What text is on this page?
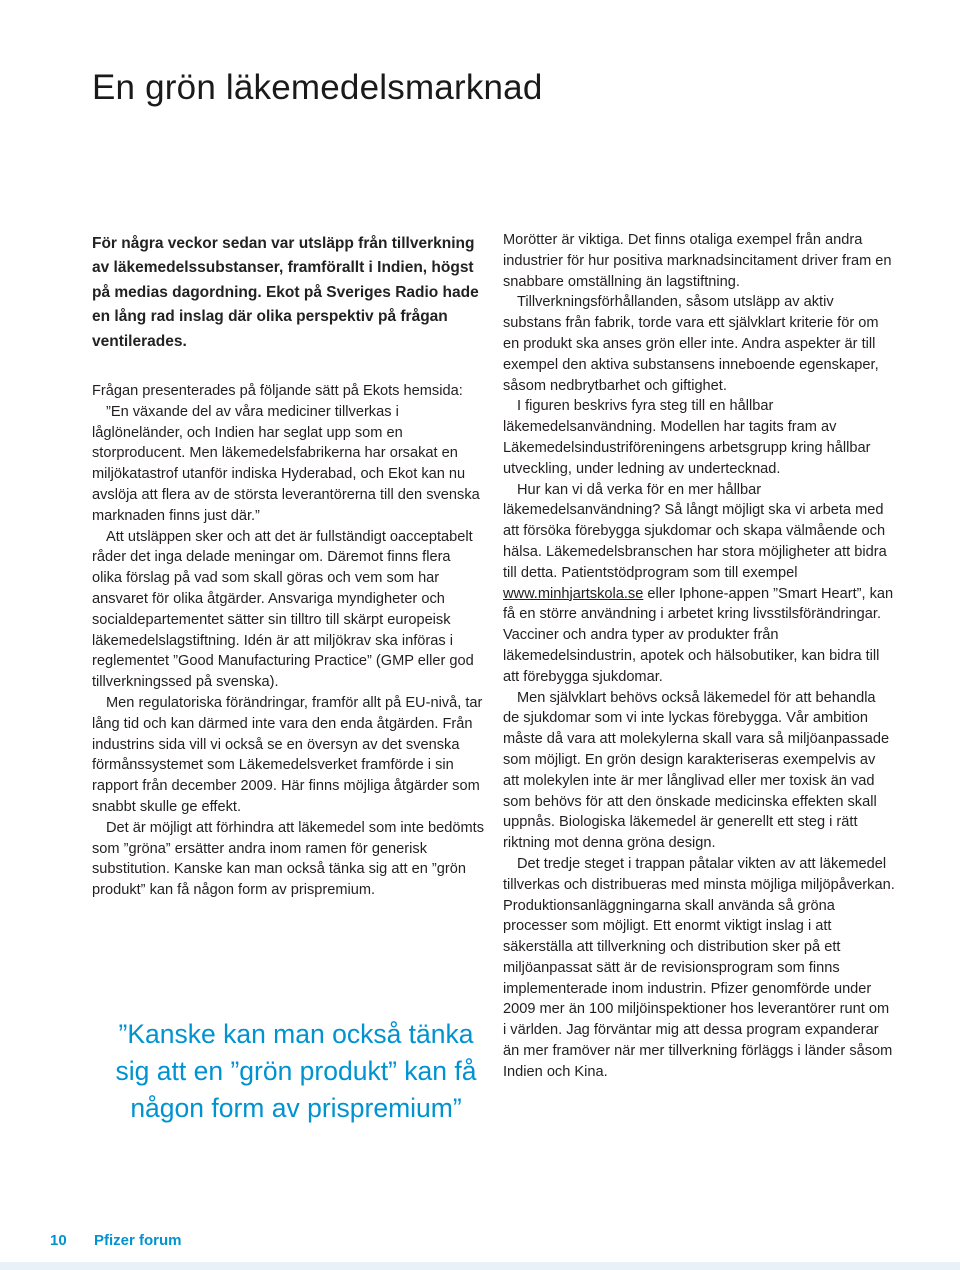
En grön läkemedelsmarknad

För några veckor sedan var utsläpp från tillverkning av läkemedelssubstanser, framförallt i Indien, högst på medias dagordning. Ekot på Sveriges Radio hade en lång rad inslag där olika perspektiv på frågan ventilerades.

Frågan presenterades på följande sätt på Ekots hemsida:

”En växande del av våra mediciner tillverkas i låglöneländer, och Indien har seglat upp som en storproducent. Men läkemedelsfabrikerna har orsakat en miljökatastrof utanför indiska Hyderabad, och Ekot kan nu avslöja att flera av de största leverantörerna till den svenska marknaden finns just där.”

Att utsläppen sker och att det är fullständigt oacceptabelt råder det inga delade meningar om. Däremot finns flera olika förslag på vad som skall göras och vem som har ansvaret för olika åtgärder. Ansvariga myndigheter och socialdepartementet sätter sin tilltro till skärpt europeisk läkemedelslagstiftning. Idén är att miljökrav ska införas i reglementet ”Good Manufacturing Practice” (GMP eller god tillverkningssed på svenska).

Men regulatoriska förändringar, framför allt på EU-nivå, tar lång tid och kan därmed inte vara den enda åtgärden. Från industrins sida vill vi också se en översyn av det svenska förmånssystemet som Läkemedelsverket framförde i sin rapport från december 2009. Här finns möjliga åtgärder som snabbt skulle ge effekt.

Det är möjligt att förhindra att läkemedel som inte bedömts som ”gröna” ersätter andra inom ramen för generisk substitution. Kanske kan man också tänka sig att en ”grön produkt” kan få någon form av prispremium.

”Kanske kan man också tänka sig att en ”grön produkt” kan få någon form av prispremium”

Morötter är viktiga. Det finns otaliga exempel från andra industrier för hur positiva marknadsincitament driver fram en snabbare omställning än lagstiftning.

Tillverkningsförhållanden, såsom utsläpp av aktiv substans från fabrik, torde vara ett självklart kriterie för om en produkt ska anses grön eller inte. Andra aspekter är till exempel den aktiva substansens inneboende egenskaper, såsom nedbrytbarhet och giftighet.

I figuren beskrivs fyra steg till en hållbar läkemedelsanvändning. Modellen har tagits fram av Läkemedelsindustriföreningens arbetsgrupp kring hållbar utveckling, under ledning av undertecknad.

Hur kan vi då verka för en mer hållbar läkemedelsanvändning? Så långt möjligt ska vi arbeta med att försöka förebygga sjukdomar och skapa välmående och hälsa. Läkemedelsbranschen har stora möjligheter att bidra till detta. Patientstödprogram som till exempel www.minhjartskola.se eller Iphone-appen ”Smart Heart”, kan få en större användning i arbetet kring livsstilsförändringar. Vacciner och andra typer av produkter från läkemedelsindustrin, apotek och hälsobutiker, kan bidra till att förebygga sjukdomar.

Men självklart behövs också läkemedel för att behandla de sjukdomar som vi inte lyckas förebygga. Vår ambition måste då vara att molekylerna skall vara så miljöanpassade som möjligt. En grön design karakteriseras exempelvis av att molekylen inte är mer långlivad eller mer toxisk än vad som behövs för att den önskade medicinska effekten skall uppnås. Biologiska läkemedel är generellt ett steg i rätt riktning mot denna gröna design.

Det tredje steget i trappan påtalar vikten av att läkemedel tillverkas och distribueras med minsta möjliga miljöpåverkan. Produktionsanläggningarna skall använda så gröna processer som möjligt. Ett enormt viktigt inslag i att säkerställa att tillverkning och distribution sker på ett miljöanpassat sätt är de revisionsprogram som finns implementerade inom industrin. Pfizer genomförde under 2009 mer än 100 miljöinspektioner hos leverantörer runt om i världen. Jag förväntar mig att dessa program expanderar än mer framöver när mer tillverkning förläggs i länder såsom Indien och Kina.

10 Pfizer forum
